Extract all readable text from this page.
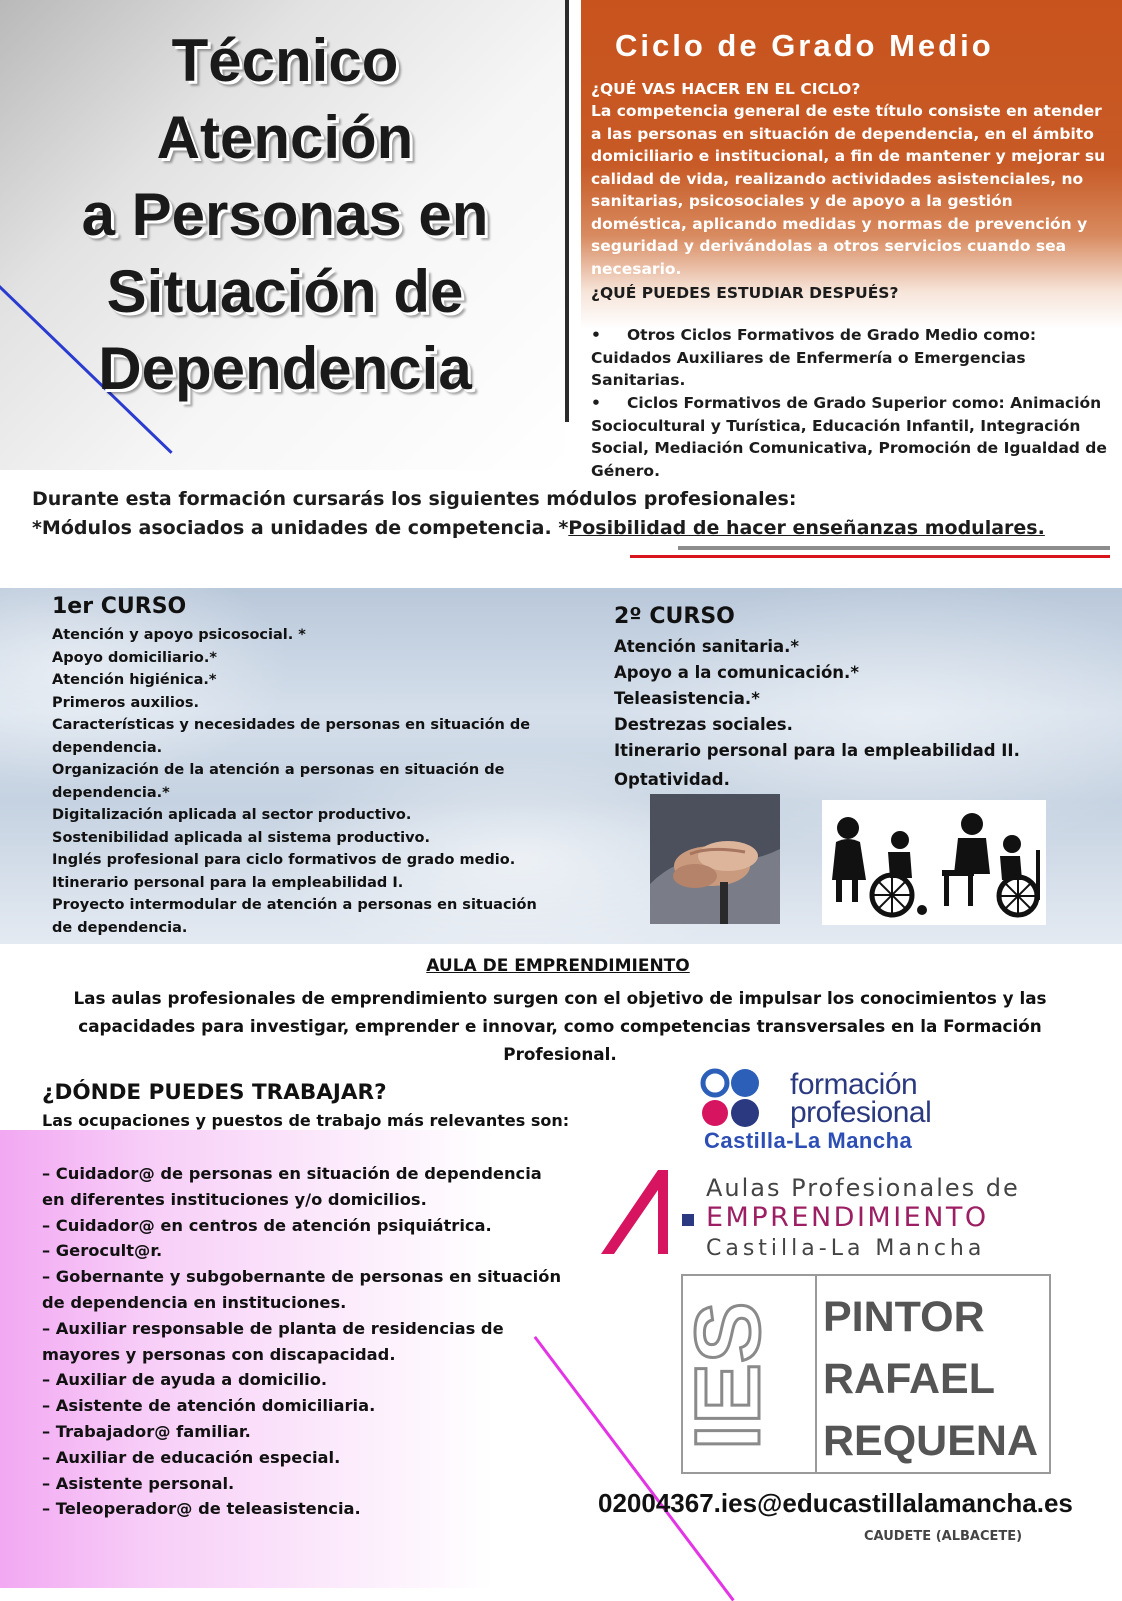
Técnico
Atención
a Personas en
Situación de
Dependencia
Ciclo de Grado Medio
¿QUÉ VAS HACER EN EL CICLO?
La competencia general de este título consiste en atender a las personas en situación de dependencia, en el ámbito domiciliario e institucional, a fin de mantener y mejorar su calidad de vida, realizando actividades asistenciales, no sanitarias, psicosociales y de apoyo a la gestión doméstica, aplicando medidas y normas de prevención y seguridad y derivándolas a otros servicios cuando sea necesario.
¿QUÉ PUEDES ESTUDIAR DESPUÉS?
• Otros Ciclos Formativos de Grado Medio como: Cuidados Auxiliares de Enfermería o Emergencias Sanitarias.
• Ciclos Formativos de Grado Superior como: Animación Sociocultural y Turística, Educación Infantil, Integración Social, Mediación Comunicativa, Promoción de Igualdad de Género.
Durante esta formación cursarás los siguientes módulos profesionales:
*Módulos asociados a unidades de competencia. *Posibilidad de hacer enseñanzas modulares.
1er CURSO
Atención y apoyo psicosocial. *
Apoyo domiciliario.*
Atención higiénica.*
Primeros auxilios.
Características y necesidades de personas en situación de dependencia.
Organización de la atención a personas en situación de dependencia.*
Digitalización aplicada al sector productivo.
Sostenibilidad aplicada al sistema productivo.
Inglés profesional para ciclo formativos de grado medio.
Itinerario personal para la empleabilidad I.
Proyecto intermodular de atención a personas en situación de dependencia.
2º CURSO
Atención sanitaria.*
Apoyo a la comunicación.*
Teleasistencia.*
Destrezas sociales.
Itinerario personal para la empleabilidad II.
Optatividad.
AULA DE EMPRENDIMIENTO
Las aulas profesionales de emprendimiento surgen con el objetivo de impulsar los conocimientos y las capacidades para investigar, emprender e innovar, como competencias transversales en la Formación Profesional.
¿DÓNDE PUEDES TRABAJAR?
Las ocupaciones y puestos de trabajo más relevantes son:
– Cuidador@ de personas en situación de dependencia en diferentes instituciones y/o domicilios.
– Cuidador@ en centros de atención psiquiátrica.
– Gerocult@r.
– Gobernante y subgobernante de personas en situación de dependencia en instituciones.
– Auxiliar responsable de planta de residencias de mayores y personas con discapacidad.
– Auxiliar de ayuda a domicilio.
– Asistente de atención domiciliaria.
– Trabajador@ familiar.
– Auxiliar de educación especial.
– Asistente personal.
– Teleoperador@ de teleasistencia.
formación
profesional
Castilla-La Mancha
Aulas Profesionales de
EMPRENDIMIENTO
Castilla-La Mancha
IES PINTOR
RAFAEL
REQUENA
02004367.ies@educastillalamancha.es
CAUDETE (ALBACETE)
